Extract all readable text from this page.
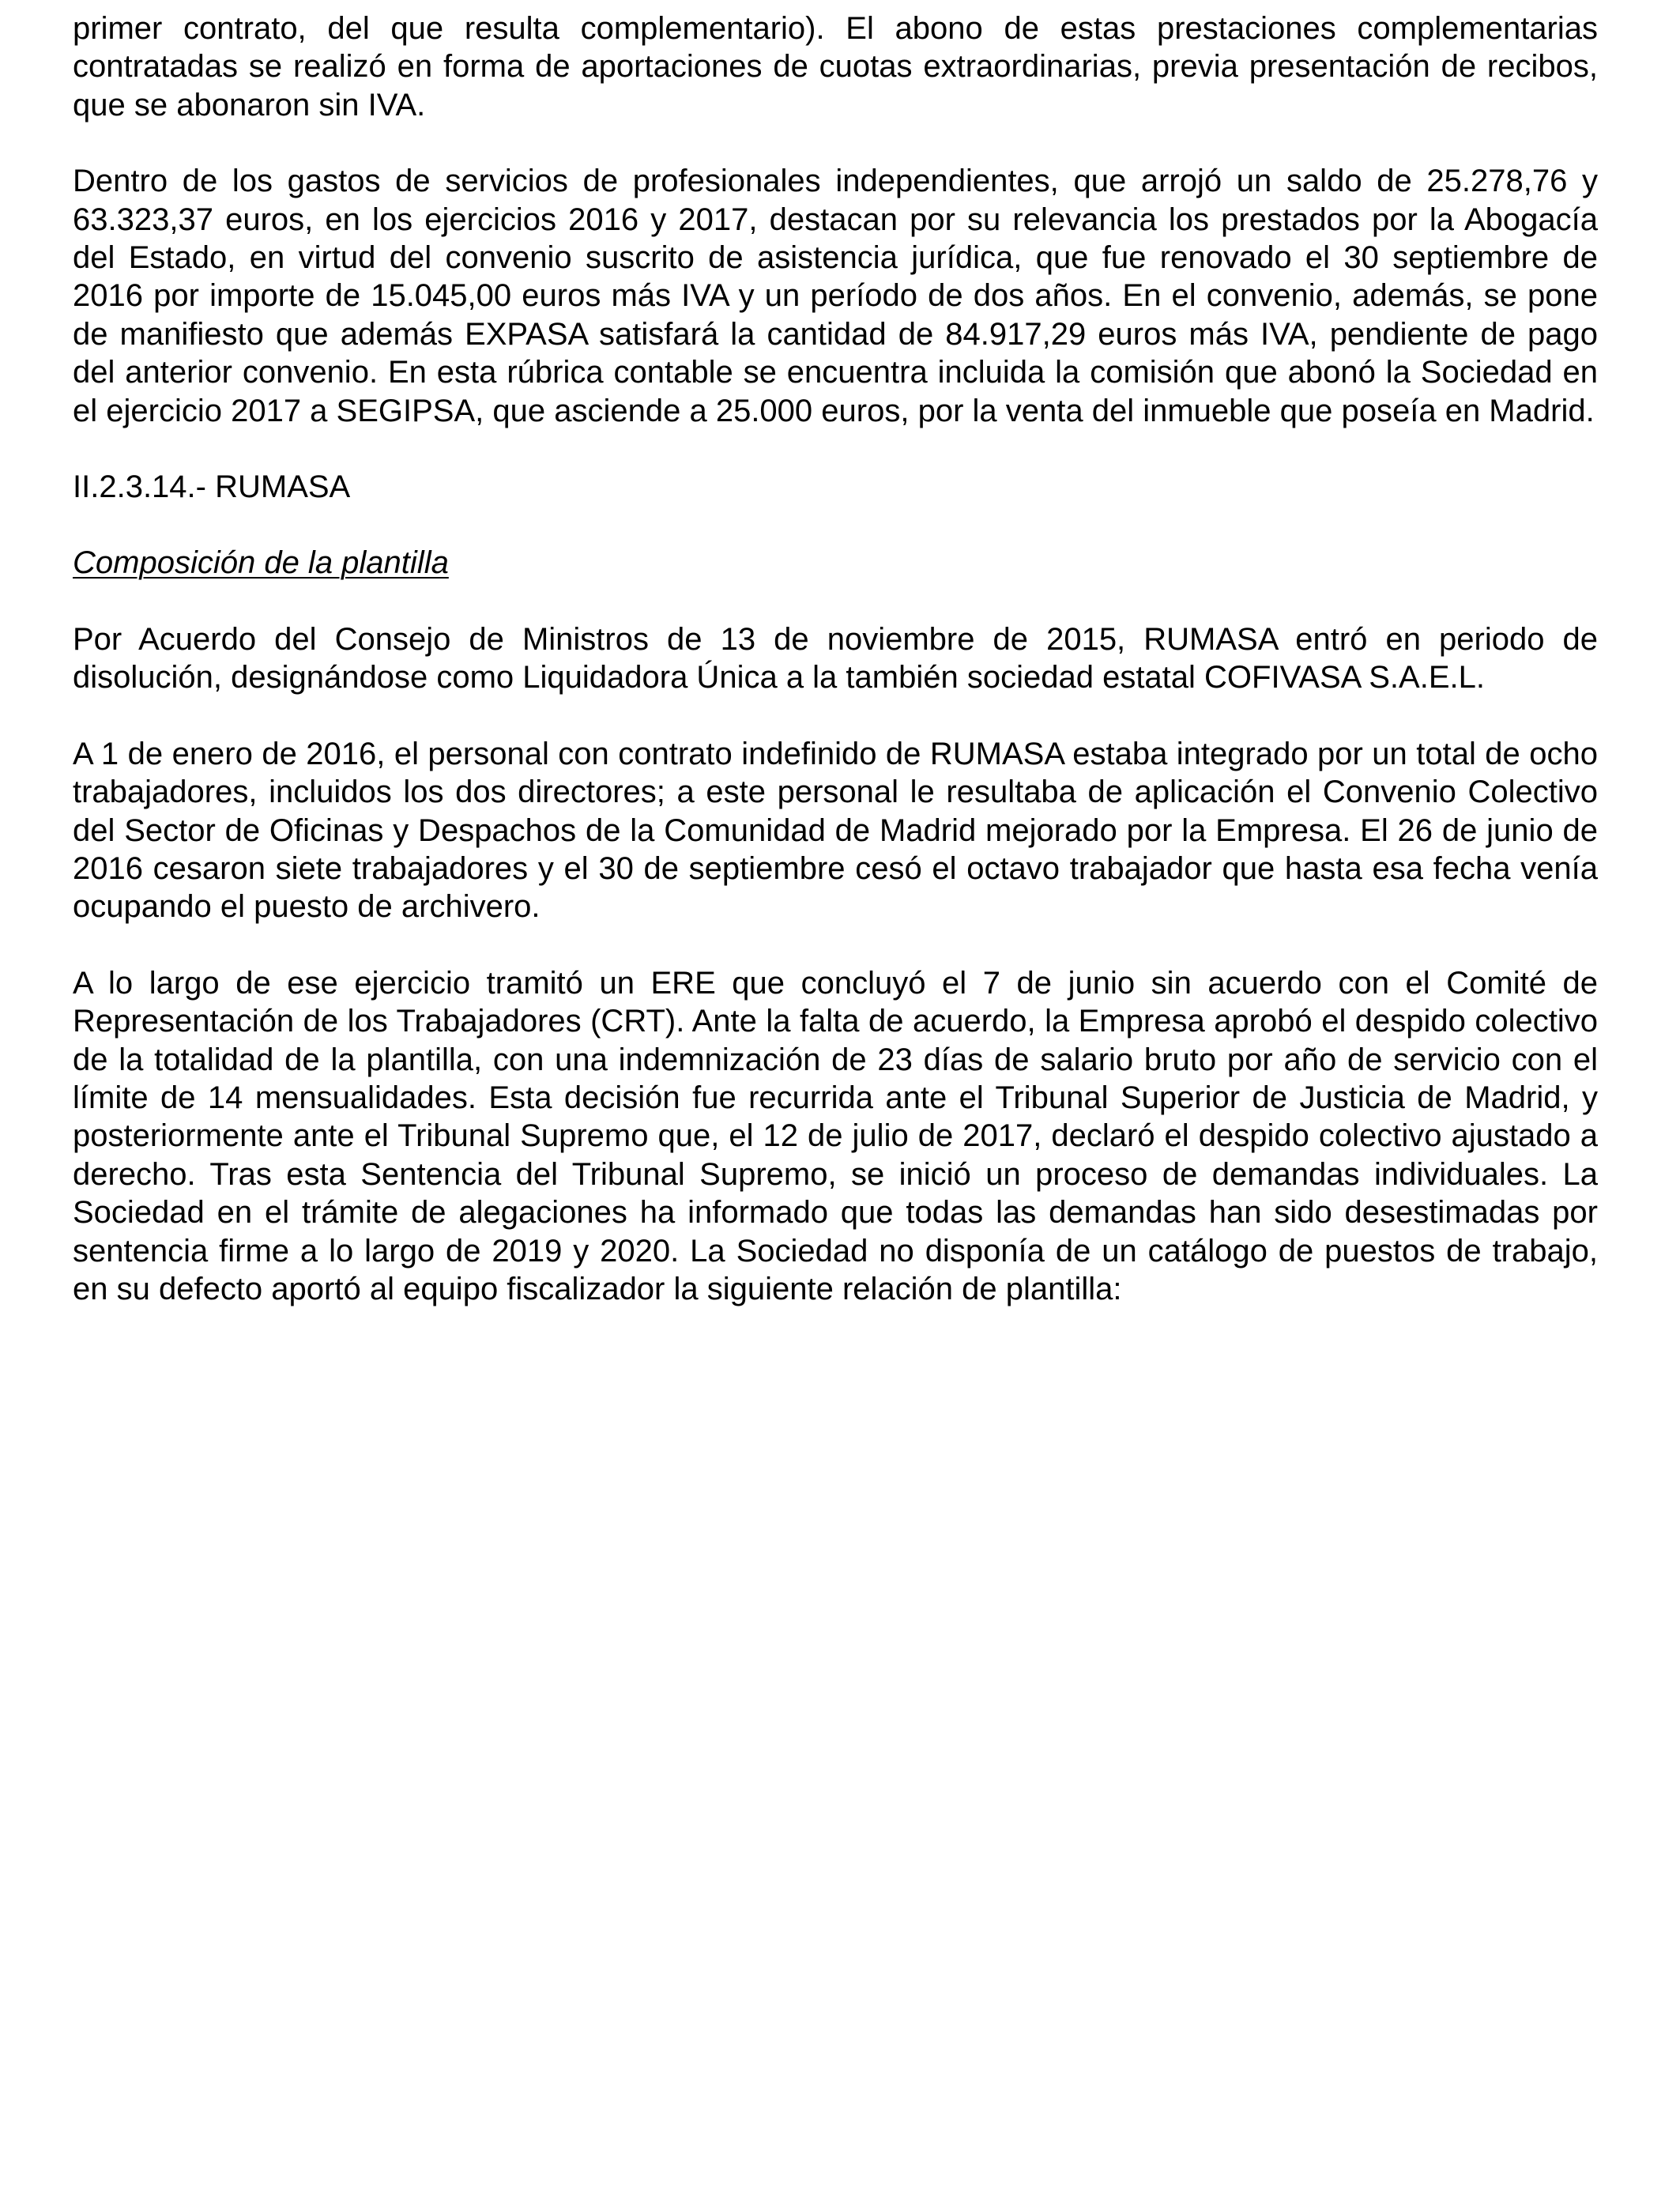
primer contrato, del que resulta complementario). El abono de estas prestaciones complementarias contratadas se realizó en forma de aportaciones de cuotas extraordinarias, previa presentación de recibos, que se abonaron sin IVA.

Dentro de los gastos de servicios de profesionales independientes, que arrojó un saldo de 25.278,76 y 63.323,37 euros, en los ejercicios 2016 y 2017, destacan por su relevancia los prestados por la Abogacía del Estado, en virtud del convenio suscrito de asistencia jurídica, que fue renovado el 30 septiembre de 2016 por importe de 15.045,00 euros más IVA y un período de dos años. En el convenio, además, se pone de manifiesto que además EXPASA satisfará la cantidad de 84.917,29 euros más IVA, pendiente de pago del anterior convenio. En esta rúbrica contable se encuentra incluida la comisión que abonó la Sociedad en el ejercicio 2017 a SEGIPSA, que asciende a 25.000 euros, por la venta del inmueble que poseía en Madrid.

II.2.3.14.- RUMASA

Composición de la plantilla

Por Acuerdo del Consejo de Ministros de 13 de noviembre de 2015, RUMASA entró en periodo de disolución, designándose como Liquidadora Única a la también sociedad estatal COFIVASA S.A.E.L.

A 1 de enero de 2016, el personal con contrato indefinido de RUMASA estaba integrado por un total de ocho trabajadores, incluidos los dos directores; a este personal le resultaba de aplicación el Convenio Colectivo del Sector de Oficinas y Despachos de la Comunidad de Madrid mejorado por la Empresa. El 26 de junio de 2016 cesaron siete trabajadores y el 30 de septiembre cesó el octavo trabajador que hasta esa fecha venía ocupando el puesto de archivero.

A lo largo de ese ejercicio tramitó un ERE que concluyó el 7 de junio sin acuerdo con el Comité de Representación de los Trabajadores (CRT). Ante la falta de acuerdo, la Empresa aprobó el despido colectivo de la totalidad de la plantilla, con una indemnización de 23 días de salario bruto por año de servicio con el límite de 14 mensualidades. Esta decisión fue recurrida ante el Tribunal Superior de Justicia de Madrid, y posteriormente ante el Tribunal Supremo que, el 12 de julio de 2017, declaró el despido colectivo ajustado a derecho. Tras esta Sentencia del Tribunal Supremo, se inició un proceso de demandas individuales. La Sociedad en el trámite de alegaciones ha informado que todas las demandas han sido desestimadas por sentencia firme a lo largo de 2019 y 2020. La Sociedad no disponía de un catálogo de puestos de trabajo, en su defecto aportó al equipo fiscalizador la siguiente relación de plantilla:
